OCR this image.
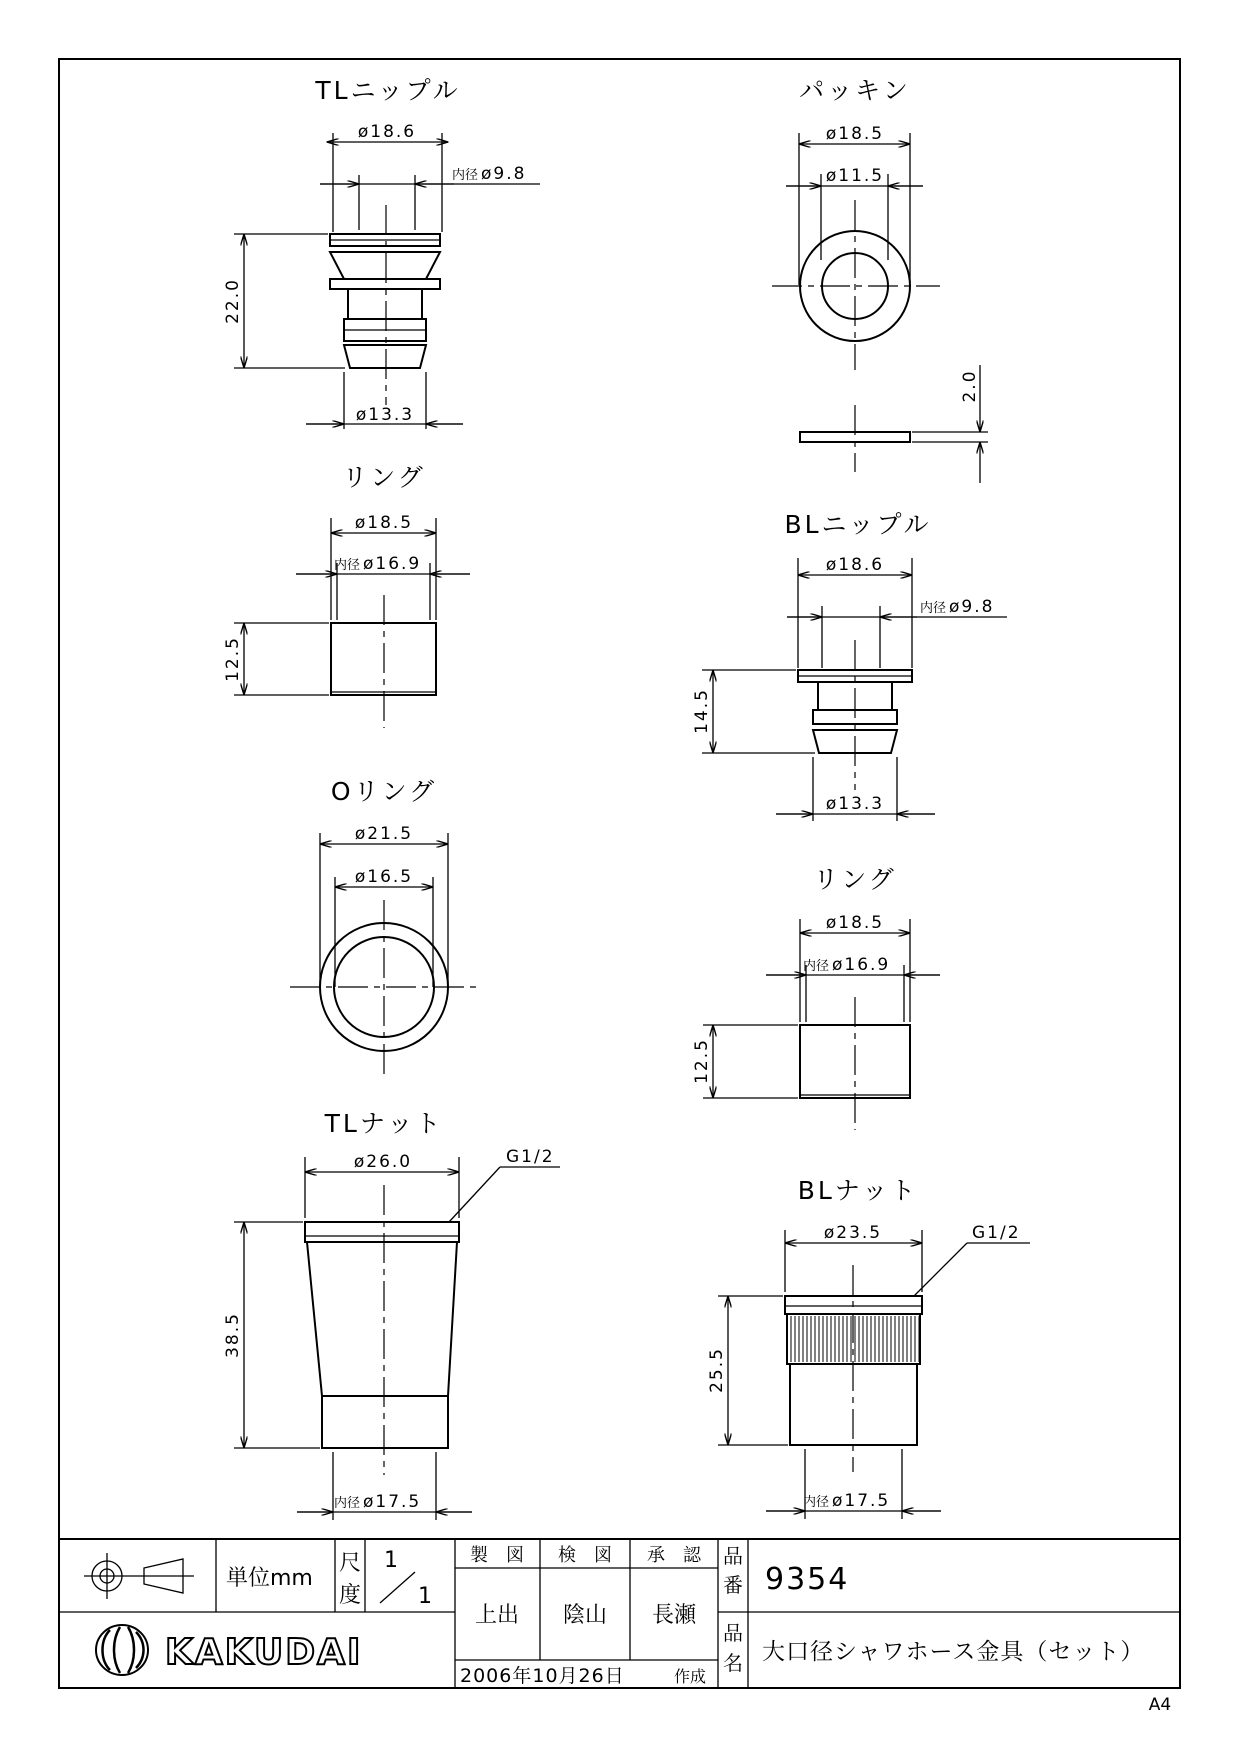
TLニップル
ø18.6
内径 ø9.8
22.0
ø13.3
パッキン
ø18.5
ø11.5
2.0
リング
ø18.5
内径 ø16.9
12.5
BLニップル
ø18.6
内径 ø9.8
14.5
ø13.3
Oリング
ø21.5
ø16.5	リング
ø18.5
内径 ø16.9
12.5
TLナット
ø26.0	G1/2
38.5
内径 ø17.5
BLナット
ø23.5	G1/2
25.5
内径 ø17.5
単位mm
尺
度
1
1
製　図 検　図 承　認
上出 陰山 長瀬
品
番 9354
品
名 大口径シャワホース金具（セット）
2006年10月26日	作成
KAKUDAI
A4
